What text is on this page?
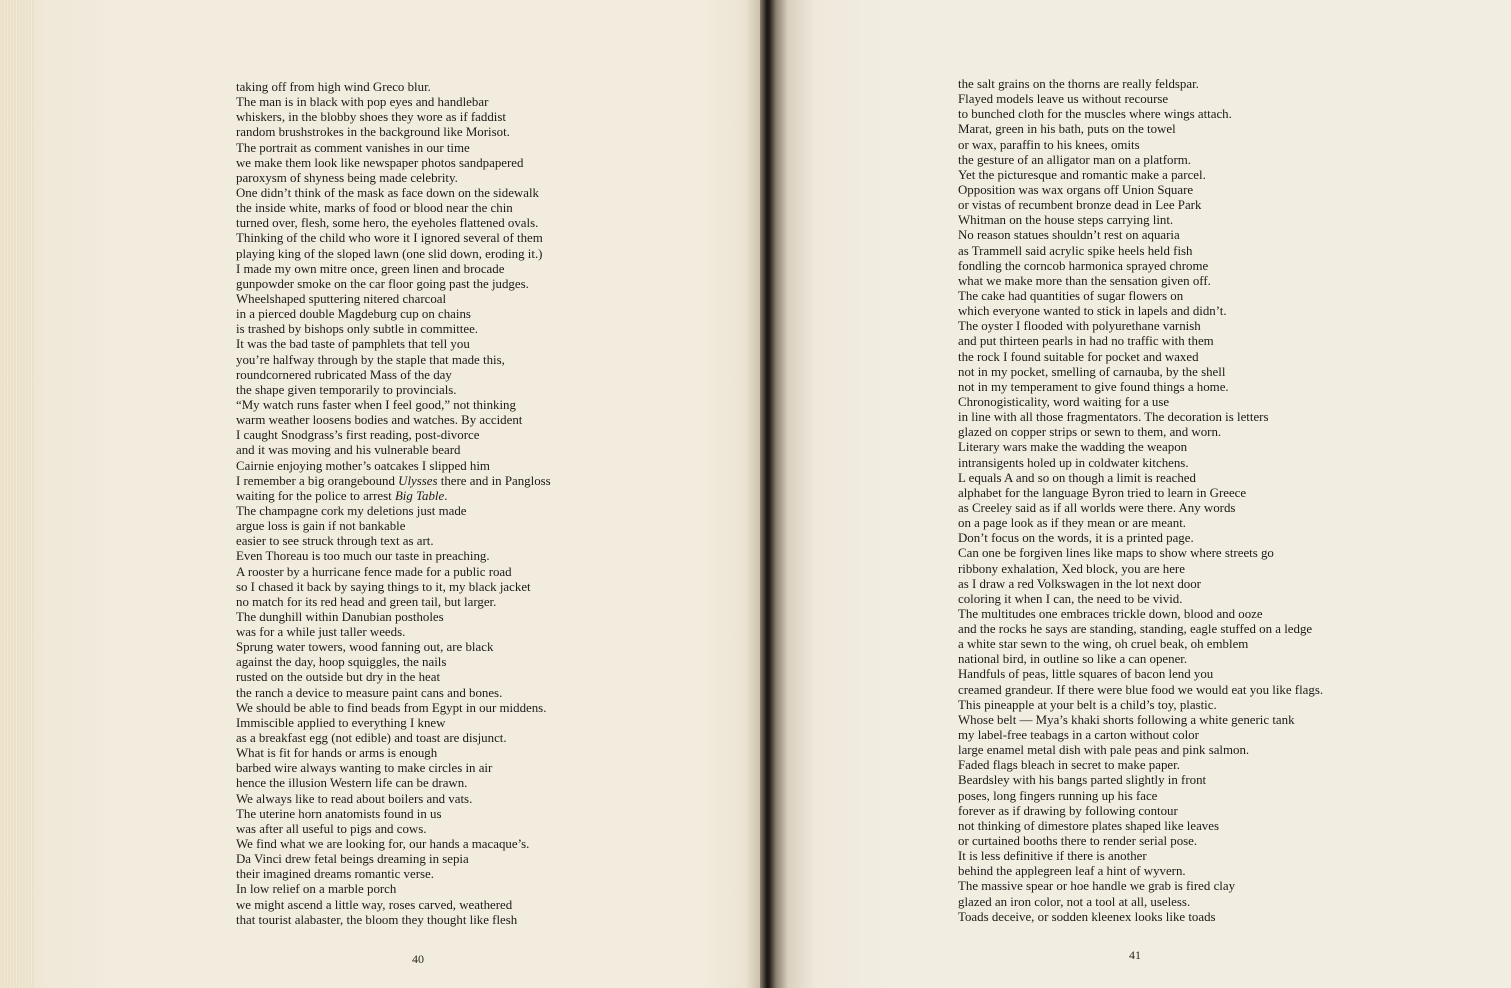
taking off from high wind Greco blur.
The man is in black with pop eyes and handlebar
whiskers, in the blobby shoes they wore as if faddist
random brushstrokes in the background like Morisot.
The portrait as comment vanishes in our time
we make them look like newspaper photos sandpapered
paroxysm of shyness being made celebrity.
One didn’t think of the mask as face down on the sidewalk
the inside white, marks of food or blood near the chin
turned over, flesh, some hero, the eyeholes flattened ovals.
Thinking of the child who wore it I ignored several of them
playing king of the sloped lawn (one slid down, eroding it.)
I made my own mitre once, green linen and brocade
gunpowder smoke on the car floor going past the judges.
Wheelshaped sputtering nitered charcoal
in a pierced double Magdeburg cup on chains
is trashed by bishops only subtle in committee.
It was the bad taste of pamphlets that tell you
you’re halfway through by the staple that made this,
roundcornered rubricated Mass of the day
the shape given temporarily to provincials.
“My watch runs faster when I feel good,” not thinking
warm weather loosens bodies and watches. By accident
I caught Snodgrass’s first reading, post-divorce
and it was moving and his vulnerable beard
Cairnie enjoying mother’s oatcakes I slipped him
I remember a big orangebound Ulysses there and in Pangloss
waiting for the police to arrest Big Table.
The champagne cork my deletions just made
argue loss is gain if not bankable
easier to see struck through text as art.
Even Thoreau is too much our taste in preaching.
A rooster by a hurricane fence made for a public road
so I chased it back by saying things to it, my black jacket
no match for its red head and green tail, but larger.
The dunghill within Danubian postholes
was for a while just taller weeds.
Sprung water towers, wood fanning out, are black
against the day, hoop squiggles, the nails
rusted on the outside but dry in the heat
the ranch a device to measure paint cans and bones.
We should be able to find beads from Egypt in our middens.
Immiscible applied to everything I knew
as a breakfast egg (not edible) and toast are disjunct.
What is fit for hands or arms is enough
barbed wire always wanting to make circles in air
hence the illusion Western life can be drawn.
We always like to read about boilers and vats.
The uterine horn anatomists found in us
was after all useful to pigs and cows.
We find what we are looking for, our hands a macaque’s.
Da Vinci drew fetal beings dreaming in sepia
their imagined dreams romantic verse.
In low relief on a marble porch
we might ascend a little way, roses carved, weathered
that tourist alabaster, the bloom they thought like flesh
40
the salt grains on the thorns are really feldspar.
Flayed models leave us without recourse
to bunched cloth for the muscles where wings attach.
Marat, green in his bath, puts on the towel
or wax, paraffin to his knees, omits
the gesture of an alligator man on a platform.
Yet the picturesque and romantic make a parcel.
Opposition was wax organs off Union Square
or vistas of recumbent bronze dead in Lee Park
Whitman on the house steps carrying lint.
No reason statues shouldn’t rest on aquaria
as Trammell said acrylic spike heels held fish
fondling the corncob harmonica sprayed chrome
what we make more than the sensation given off.
The cake had quantities of sugar flowers on
which everyone wanted to stick in lapels and didn’t.
The oyster I flooded with polyurethane varnish
and put thirteen pearls in had no traffic with them
the rock I found suitable for pocket and waxed
not in my pocket, smelling of carnauba, by the shell
not in my temperament to give found things a home.
Chronogisticality, word waiting for a use
in line with all those fragmentators. The decoration is letters
glazed on copper strips or sewn to them, and worn.
Literary wars make the wadding the weapon
intransigents holed up in coldwater kitchens.
L equals A and so on though a limit is reached
alphabet for the language Byron tried to learn in Greece
as Creeley said as if all worlds were there. Any words
on a page look as if they mean or are meant.
Don’t focus on the words, it is a printed page.
Can one be forgiven lines like maps to show where streets go
ribbony exhalation, Xed block, you are here
as I draw a red Volkswagen in the lot next door
coloring it when I can, the need to be vivid.
The multitudes one embraces trickle down, blood and ooze
and the rocks he says are standing, standing, eagle stuffed on a ledge
a white star sewn to the wing, oh cruel beak, oh emblem
national bird, in outline so like a can opener.
Handfuls of peas, little squares of bacon lend you
creamed grandeur. If there were blue food we would eat you like flags.
This pineapple at your belt is a child’s toy, plastic.
Whose belt — Mya’s khaki shorts following a white generic tank
my label-free teabags in a carton without color
large enamel metal dish with pale peas and pink salmon.
Faded flags bleach in secret to make paper.
Beardsley with his bangs parted slightly in front
poses, long fingers running up his face
forever as if drawing by following contour
not thinking of dimestore plates shaped like leaves
or curtained booths there to render serial pose.
It is less definitive if there is another
behind the applegreen leaf a hint of wyvern.
The massive spear or hoe handle we grab is fired clay
glazed an iron color, not a tool at all, useless.
Toads deceive, or sodden kleenex looks like toads
41
